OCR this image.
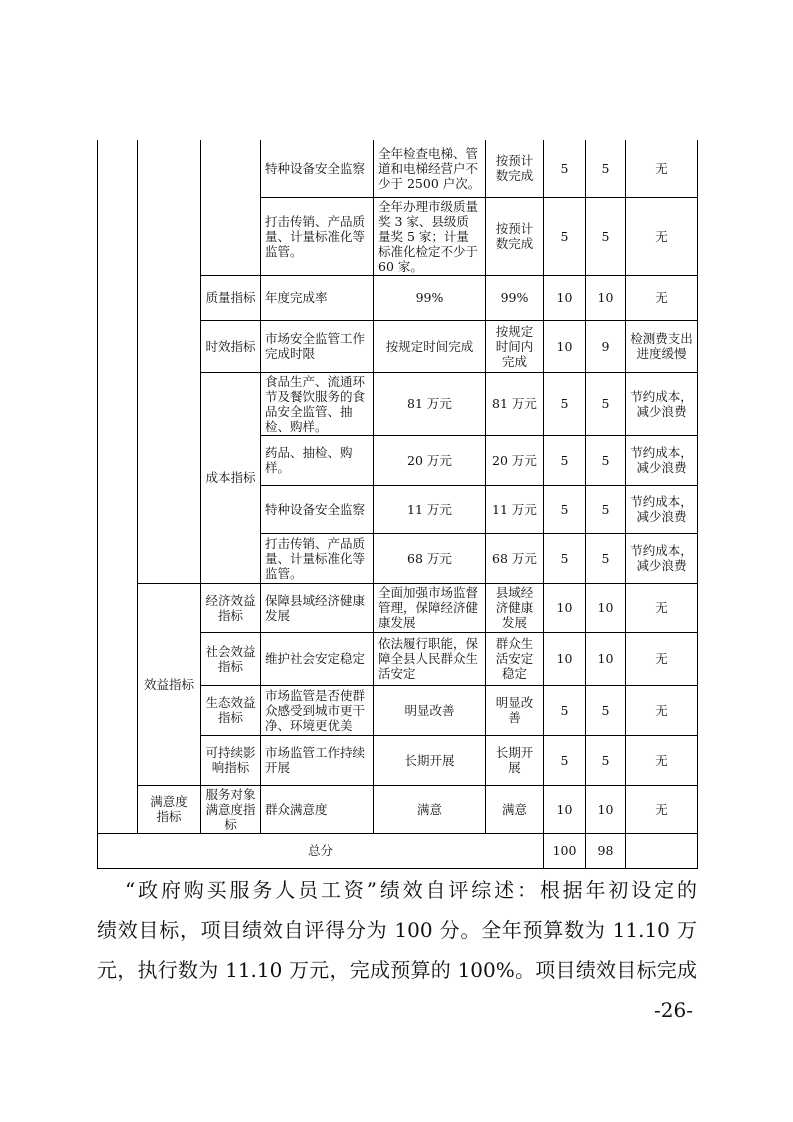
			特种设备安全监察	全年检查电梯、管道和电梯经营户不少于 2500 户次。	按预计数完成	5	5	无
			打击传销、产品质量、计量标准化等监管。	全年办理市级质量奖 3 家、县级质量奖 5 家；计量标准化检定不少于 60 家。	按预计数完成	5	5	无
		质量指标	年度完成率	99%	99%	10	10	无
		时效指标	市场安全监管工作完成时限	按规定时间完成	按规定时间内完成	10	9	检测费支出进度缓慢
		成本指标	食品生产、流通环节及餐饮服务的食品安全监管、抽检、购样。	81 万元	81 万元	5	5	节约成本，减少浪费
			药品、抽检、购样。	20 万元	20 万元	5	5	节约成本，减少浪费
			特种设备安全监察	11 万元	11 万元	5	5	节约成本，减少浪费
			打击传销、产品质量、计量标准化等监管。	68 万元	68 万元	5	5	节约成本，减少浪费
	效益指标	经济效益指标	保障县域经济健康发展	全面加强市场监督管理，保障经济健康发展	县域经济健康发展	10	10	无
		社会效益指标	维护社会安定稳定	依法履行职能，保障全县人民群众生活安定	群众生活安定稳定	10	10	无
		生态效益指标	市场监管是否使群众感受到城市更干净、环境更优美	明显改善	明显改善	5	5	无
		可持续影响指标	市场监管工作持续开展	长期开展	长期开展	5	5	无
	满意度指标	服务对象满意度指标	群众满意度	满意	满意	10	10	无
总分						100	98	
“政府购买服务人员工资”绩效自评综述：根据年初设定的
绩效目标，项目绩效自评得分为 100 分。全年预算数为 11.10 万
元，执行数为 11.10 万元，完成预算的 100%。项目绩效目标完成
-26-
